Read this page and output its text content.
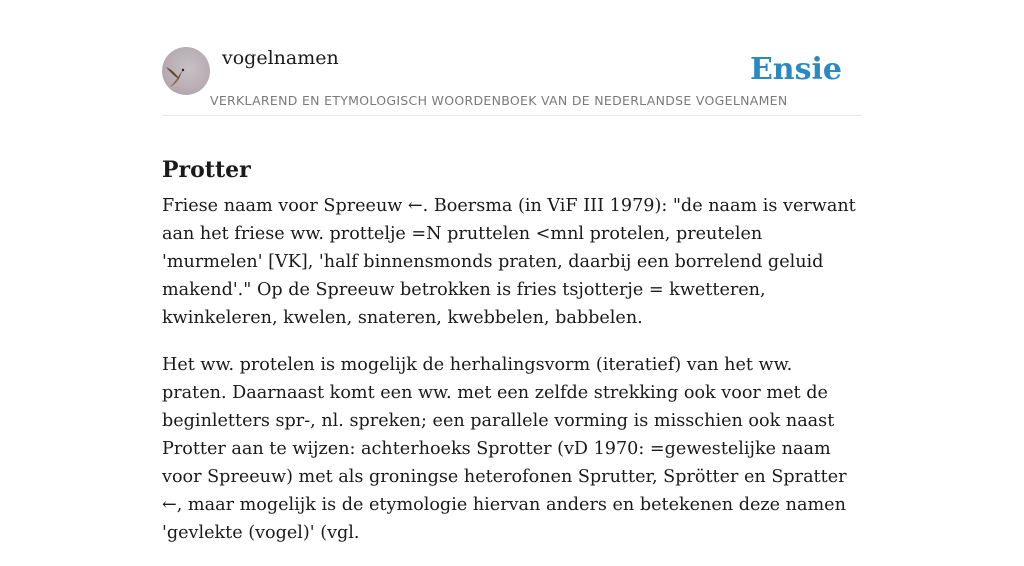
vogelnamen	Ensie
VERKLAREND EN ETYMOLOGISCH WOORDENBOEK VAN DE NEDERLANDSE VOGELNAMEN
Protter

Friese naam voor Spreeuw ←. Boersma (in ViF III 1979): "de naam is verwant aan het friese ww. prottelje =N pruttelen <mnl protelen, preutelen 'murmelen' [VK], 'half binnensmonds praten, daarbij een borrelend geluid makend'." Op de Spreeuw betrokken is fries tsjotterje = kwetteren, kwinkeleren, kwelen, snateren, kwebbelen, babbelen.

Het ww. protelen is mogelijk de herhalingsvorm (iteratief) van het ww. praten. Daarnaast komt een ww. met een zelfde strekking ook voor met de beginletters spr-, nl. spreken; een parallele vorming is misschien ook naast Protter aan te wijzen: achterhoeks Sprotter (vD 1970: =gewestelijke naam voor Spreeuw) met als groningse heterofonen Sprutter, Sprötter en Spratter ←, maar mogelijk is de etymologie hiervan anders en betekenen deze namen 'gevlekte (vogel)' (vgl.
